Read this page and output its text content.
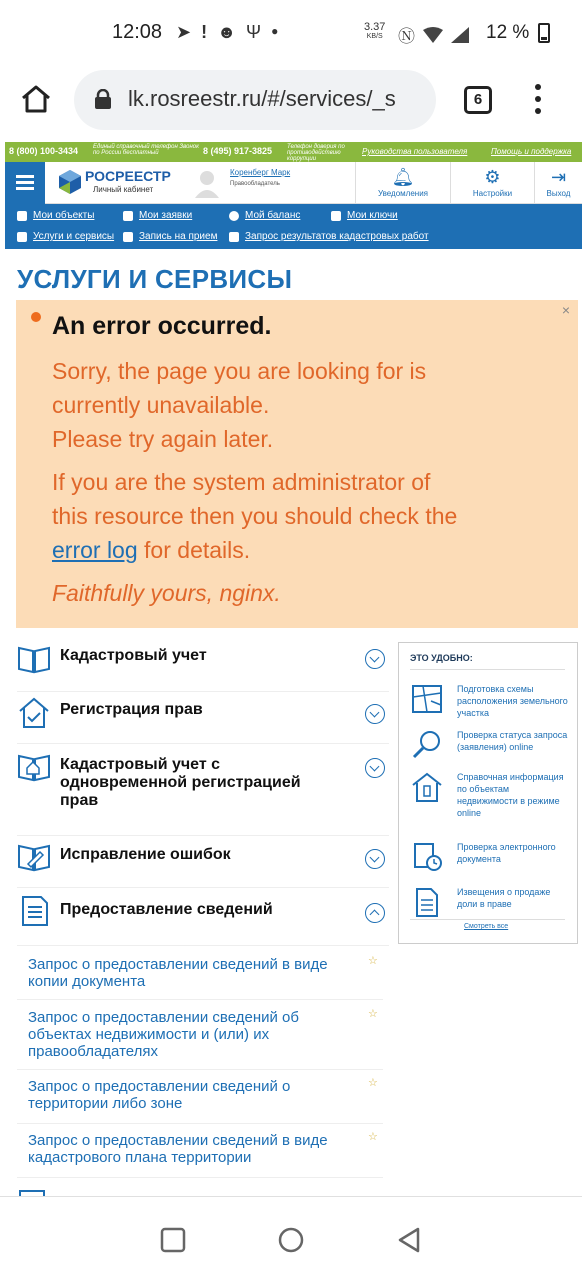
12:08 ➤ ! ☻ Ψ ●	3.37
KB/S Ⓝ	12 %
lk.rosreestr.ru/#/services/_s	6
8 (800) 100-3434 Единый справочный телефон Звонок по России бесплатный	8 (495) 917-3825 Телефон доверия по противодействию коррупции
Руководства пользователя	Помощь и поддержка
РОСРЕЕСТР
Личный кабинет
Коренберг Марк
Правообладатель	🔔︎
Уведомления
⚙
Настройки
⇥
Выход
Мои объекты	Мои заявки	Мой баланс	Мои ключи
Услуги и сервисы Запись на прием	Запрос результатов кадастровых работ
УСЛУГИ И СЕРВИСЫ
×
An error occurred.
Sorry, the page you are looking for is
currently unavailable.
Please try again later.
If you are the system administrator of
this resource then you should check the
error log for details.
Faithfully yours, nginx.
Кадастровый учет
Регистрация прав
Кадастровый учет с одновременной регистрацией прав
Исправление ошибок
Предоставление сведений
Запрос о предоставлении сведений в виде копии документа
☆
Запрос о предоставлении сведений об объектах недвижимости и (или) их правообладателях
☆
Запрос о предоставлении сведений о территории либо зоне
☆
Запрос о предоставлении сведений в виде кадастрового плана территории
☆
ЭТО УДОБНО:
Подготовка схемы расположения земельного участка
Проверка статуса запроса (заявления) online
Справочная информация по объектам недвижимости в режиме online
Проверка электронного документа
Извещения о продаже доли в праве
Смотреть все
